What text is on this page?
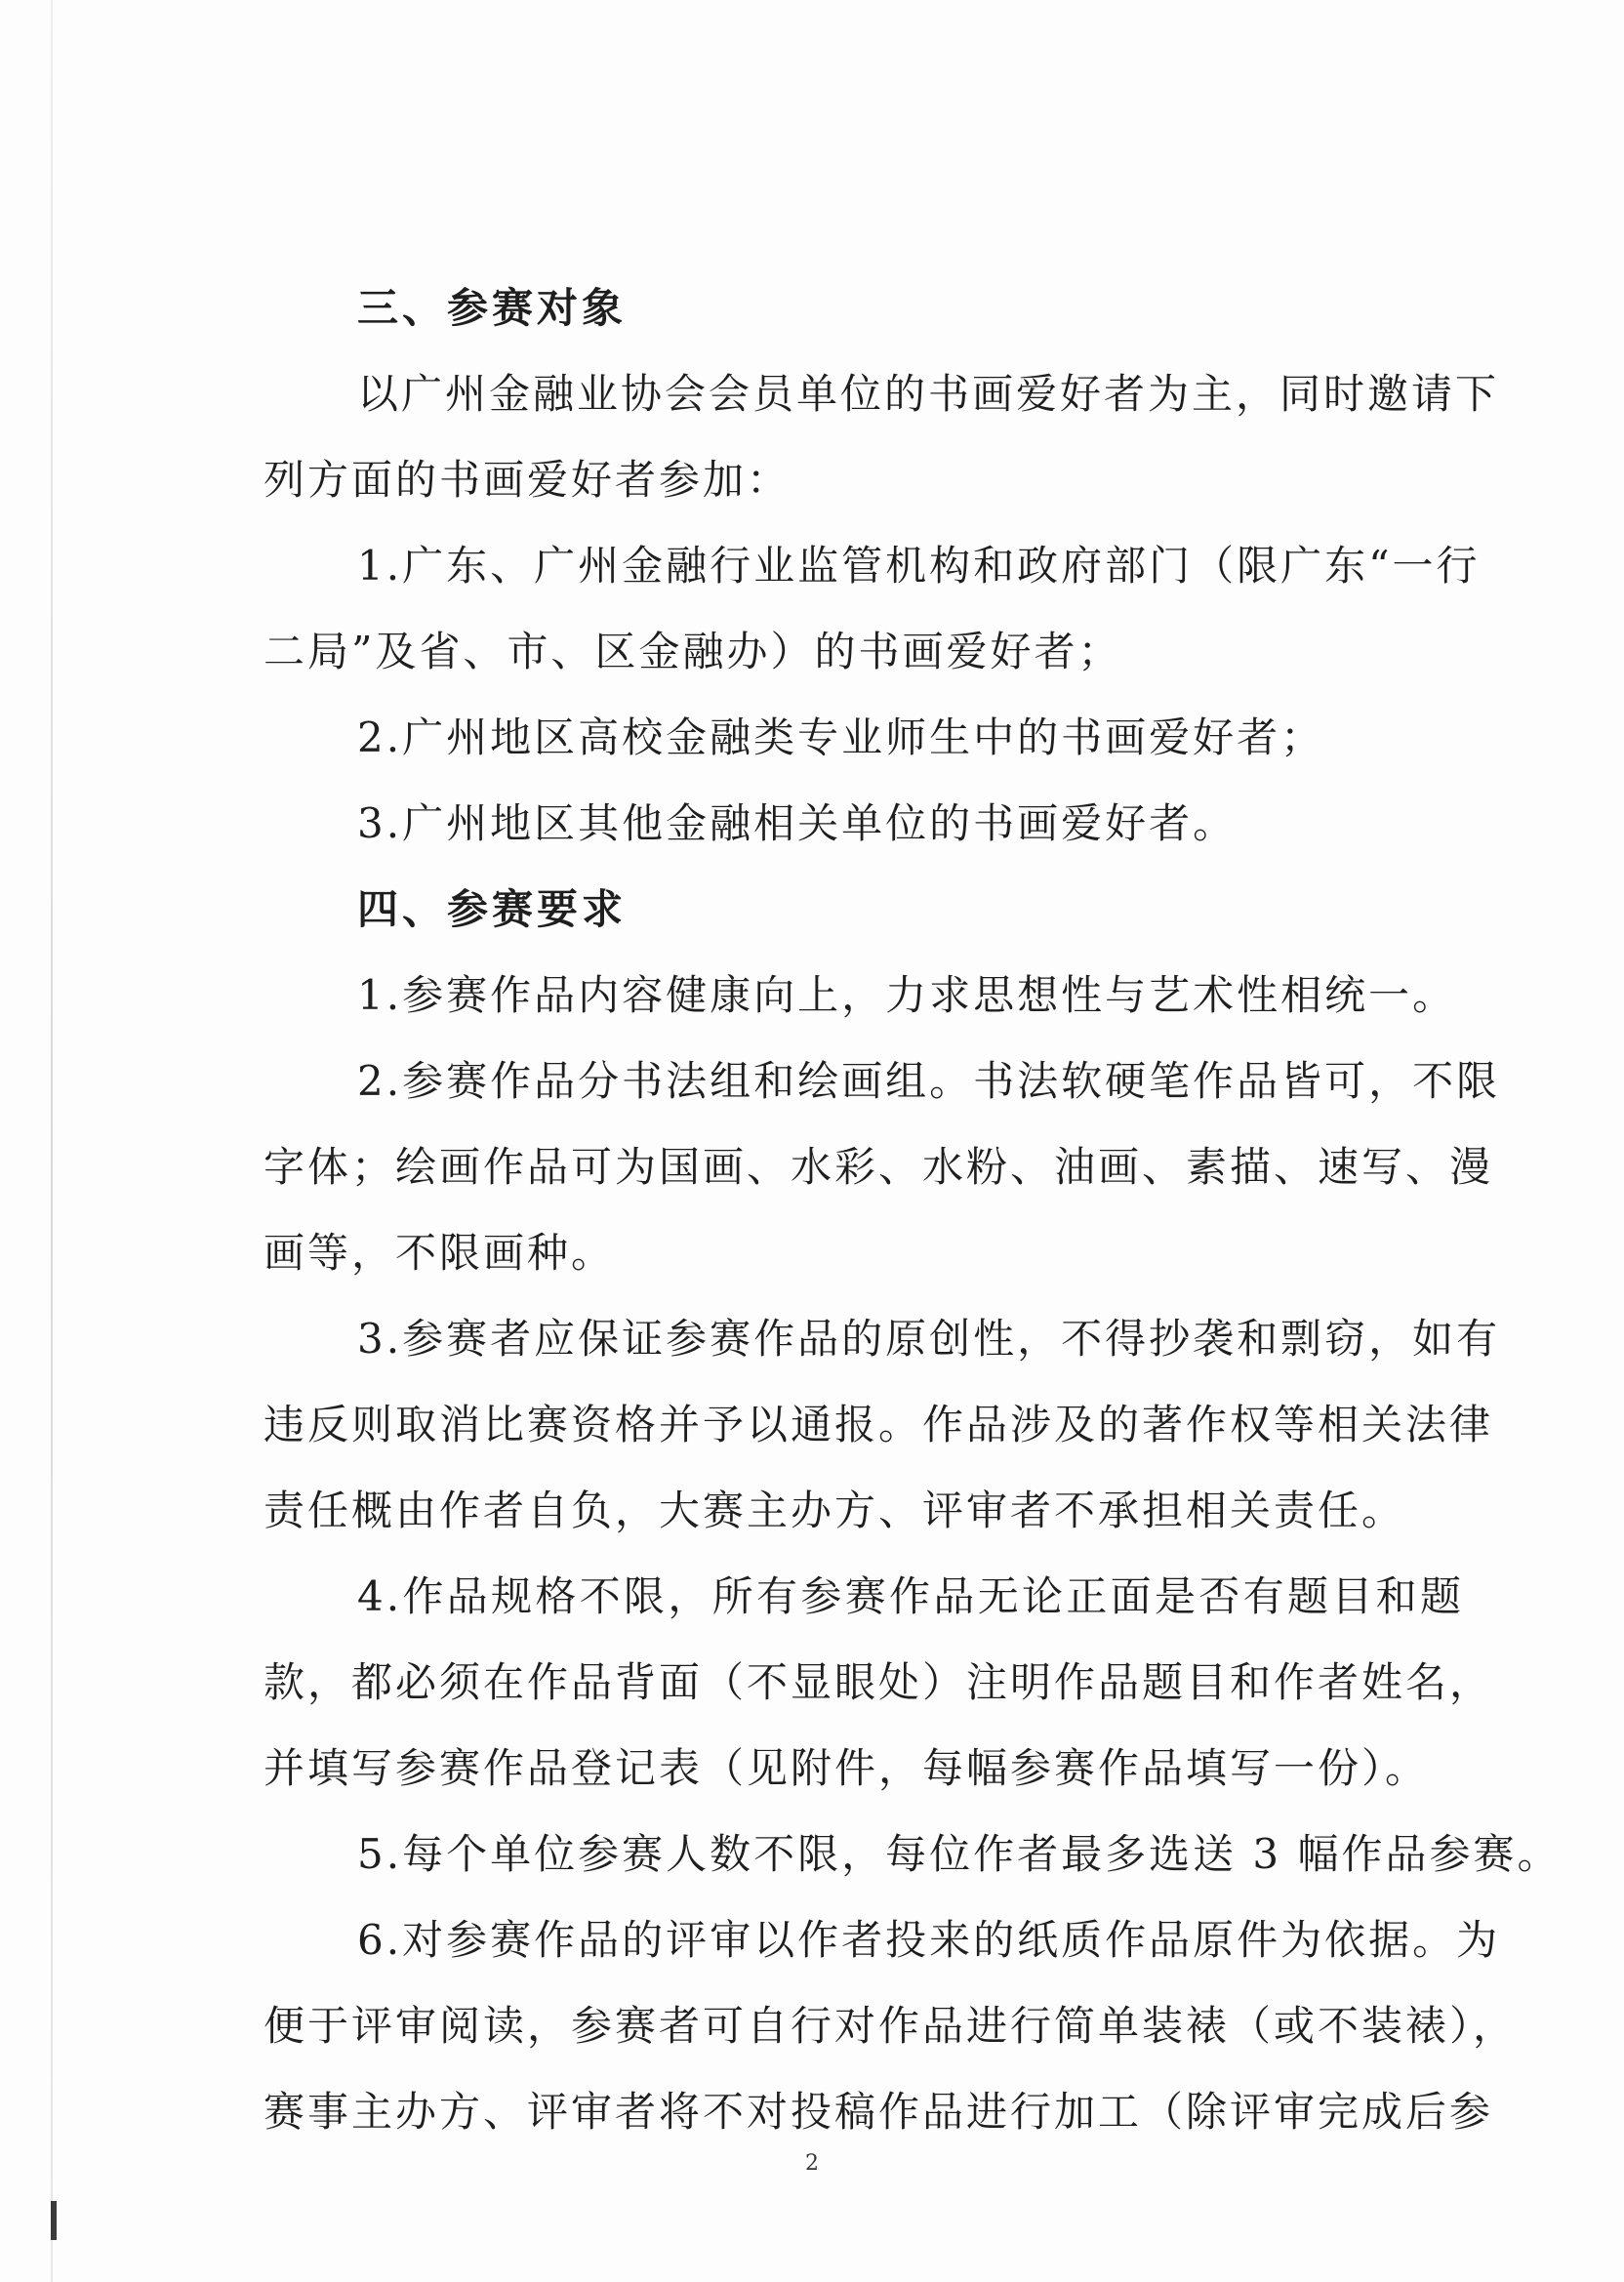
三、参赛对象
以广州金融业协会会员单位的书画爱好者为主，同时邀请下
列方面的书画爱好者参加：
1.广东、广州金融行业监管机构和政府部门（限广东“一行
二局”及省、市、区金融办）的书画爱好者；
2.广州地区高校金融类专业师生中的书画爱好者；
3.广州地区其他金融相关单位的书画爱好者。
四、参赛要求
1.参赛作品内容健康向上，力求思想性与艺术性相统一。
2.参赛作品分书法组和绘画组。书法软硬笔作品皆可，不限
字体；绘画作品可为国画、水彩、水粉、油画、素描、速写、漫
画等，不限画种。
3.参赛者应保证参赛作品的原创性，不得抄袭和剽窃，如有
违反则取消比赛资格并予以通报。作品涉及的著作权等相关法律
责任概由作者自负，大赛主办方、评审者不承担相关责任。
4.作品规格不限，所有参赛作品无论正面是否有题目和题
款，都必须在作品背面（不显眼处）注明作品题目和作者姓名，
并填写参赛作品登记表（见附件，每幅参赛作品填写一份）。
5.每个单位参赛人数不限，每位作者最多选送 3 幅作品参赛。
6.对参赛作品的评审以作者投来的纸质作品原件为依据。为
便于评审阅读，参赛者可自行对作品进行简单装裱（或不装裱），
赛事主办方、评审者将不对投稿作品进行加工（除评审完成后参
2
